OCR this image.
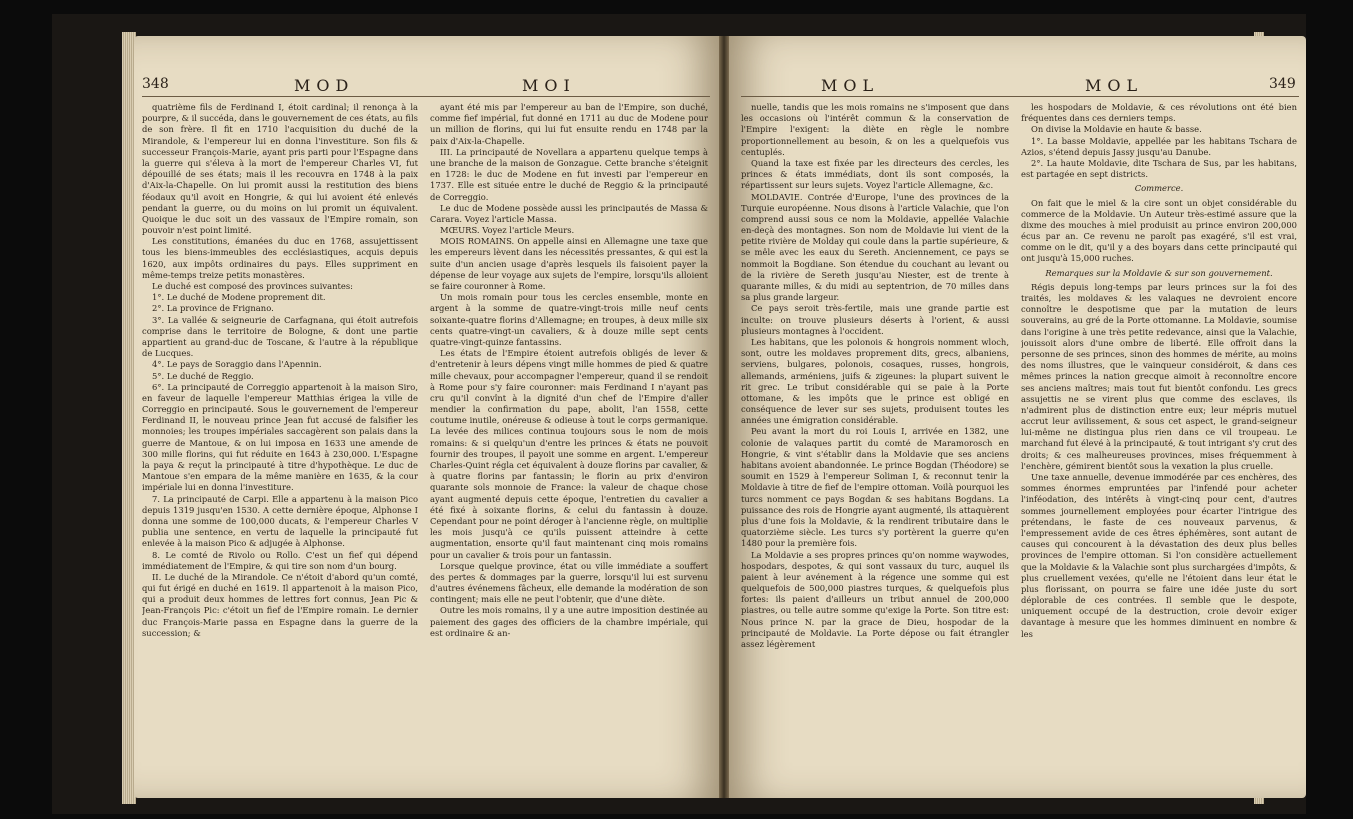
348	MOD	MOI

quatrième fils de Ferdinand I, étoit cardinal; il renonça à la pourpre, & il succéda, dans le gouvernement de ces états, au fils de son frère. Il fit en 1710 l'acquisition du duché de la Mirandole, & l'empereur lui en donna l'investiture. Son fils & successeur François-Marie, ayant pris parti pour l'Espagne dans la guerre qui s'éleva à la mort de l'empereur Charles VI, fut dépouillé de ses états; mais il les recouvra en 1748 à la paix d'Aix-la-Chapelle. On lui promit aussi la restitution des biens féodaux qu'il avoit en Hongrie, & qui lui avoient été enlevés pendant la guerre, ou du moins on lui promit un équivalent. Quoique le duc soit un des vassaux de l'Empire romain, son pouvoir n'est point limité.

Les constitutions, émanées du duc en 1768, assujettissent tous les biens-immeubles des ecclésiastiques, acquis depuis 1620, aux impôts ordinaires du pays. Elles suppriment en même-temps treize petits monastères.

Le duché est composé des provinces suivantes:

1°. Le duché de Modene proprement dit.

2°. La province de Frignano.

3°. La vallée & seigneurie de Carfagnana, qui étoit autrefois comprise dans le territoire de Bologne, & dont une partie appartient au grand-duc de Toscane, & l'autre à la république de Lucques.

4°. Le pays de Soraggio dans l'Apennin.

5°. Le duché de Reggio.

6°. La principauté de Correggio appartenoit à la maison Siro, en faveur de laquelle l'empereur Matthias érigea la ville de Correggio en principauté. Sous le gouvernement de l'empereur Ferdinand II, le nouveau prince Jean fut accusé de falsifier les monnoies; les troupes impériales saccagèrent son palais dans la guerre de Mantoue, & on lui imposa en 1633 une amende de 300 mille florins, qui fut réduite en 1643 à 230,000. L'Espagne la paya & reçut la principauté à titre d'hypothèque. Le duc de Mantoue s'en empara de la même manière en 1635, & la cour impériale lui en donna l'investiture.

7. La principauté de Carpi. Elle a appartenu à la maison Pico depuis 1319 jusqu'en 1530. A cette dernière époque, Alphonse I donna une somme de 100,000 ducats, & l'empereur Charles V publia une sentence, en vertu de laquelle la principauté fut enlevée à la maison Pico & adjugée à Alphonse.

8. Le comté de Rivolo ou Rollo. C'est un fief qui dépend immédiatement de l'Empire, & qui tire son nom d'un bourg.

II. Le duché de la Mirandole. Ce n'étoit d'abord qu'un comté, qui fut érigé en duché en 1619. Il appartenoit à la maison Pico, qui a produit deux hommes de lettres fort connus, Jean Pic & Jean-François Pic: c'étoit un fief de l'Empire romain. Le dernier duc François-Marie passa en Espagne dans la guerre de la succession; &

ayant été mis par l'empereur au ban de l'Empire, son duché, comme fief impérial, fut donné en 1711 au duc de Modene pour un million de florins, qui lui fut ensuite rendu en 1748 par la paix d'Aix-la-Chapelle.

III. La principauté de Novellara a appartenu quelque temps à une branche de la maison de Gonzague. Cette branche s'éteignit en 1728: le duc de Modene en fut investi par l'empereur en 1737. Elle est située entre le duché de Reggio & la principauté de Correggio.

Le duc de Modene possède aussi les principautés de Massa & Carara. Voyez l'article Massa.

MŒURS. Voyez l'article Meurs.

MOIS ROMAINS. On appelle ainsi en Allemagne une taxe que les empereurs lèvent dans les nécessités pressantes, & qui est la suite d'un ancien usage d'après lesquels ils faisoient payer la dépense de leur voyage aux sujets de l'empire, lorsqu'ils alloient se faire couronner à Rome.

Un mois romain pour tous les cercles ensemble, monte en argent à la somme de quatre-vingt-trois mille neuf cents soixante-quatre florins d'Allemagne; en troupes, à deux mille six cents quatre-vingt-un cavaliers, & à douze mille sept cents quatre-vingt-quinze fantassins.

Les états de l'Empire étoient autrefois obligés de lever & d'entretenir à leurs dépens vingt mille hommes de pied & quatre mille chevaux, pour accompagner l'empereur, quand il se rendoit à Rome pour s'y faire couronner: mais Ferdinand I n'ayant pas cru qu'il convînt à la dignité d'un chef de l'Empire d'aller mendier la confirmation du pape, abolit, l'an 1558, cette coutume inutile, onéreuse & odieuse à tout le corps germanique. La levée des milices continua toujours sous le nom de mois romains: & si quelqu'un d'entre les princes & états ne pouvoit fournir des troupes, il payoit une somme en argent. L'empereur Charles-Quint régla cet équivalent à douze florins par cavalier, & à quatre florins par fantassin; le florin au prix d'environ quarante sols monnoie de France: la valeur de chaque chose ayant augmenté depuis cette époque, l'entretien du cavalier a été fixé à soixante florins, & celui du fantassin à douze. Cependant pour ne point déroger à l'ancienne règle, on multiplie les mois jusqu'à ce qu'ils puissent atteindre à cette augmentation, ensorte qu'il faut maintenant cinq mois romains pour un cavalier & trois pour un fantassin.

Lorsque quelque province, état ou ville immédiate a souffert des pertes & dommages par la guerre, lorsqu'il lui est survenu d'autres événemens fâcheux, elle demande la modération de son contingent; mais elle ne peut l'obtenir, que d'une diète.

Outre les mois romains, il y a une autre imposition destinée au paiement des gages des officiers de la chambre impériale, qui est ordinaire & an-

MOL	MOL	349

nuelle, tandis que les mois romains ne s'imposent que dans les occasions où l'intérêt commun & la conservation de l'Empire l'exigent: la diète en règle le nombre proportionnellement au besoin, & on les a quelquefois vus centuplés.

Quand la taxe est fixée par les directeurs des cercles, les princes & états immédiats, dont ils sont composés, la répartissent sur leurs sujets. Voyez l'article Allemagne, &c.

MOLDAVIE. Contrée d'Europe, l'une des provinces de la Turquie européenne. Nous disons à l'article Valachie, que l'on comprend aussi sous ce nom la Moldavie, appellée Valachie en-deçà des montagnes. Son nom de Moldavie lui vient de la petite rivière de Molday qui coule dans la partie supérieure, & se mêle avec les eaux du Sereth. Anciennement, ce pays se nommoit la Bogdiane. Son étendue du couchant au levant ou de la rivière de Sereth jusqu'au Niester, est de trente à quarante milles, & du midi au septentrion, de 70 milles dans sa plus grande largeur.

Ce pays seroit très-fertile, mais une grande partie est inculte: on trouve plusieurs déserts à l'orient, & aussi plusieurs montagnes à l'occident.

Les habitans, que les polonois & hongrois nomment wloch, sont, outre les moldaves proprement dits, grecs, albaniens, serviens, bulgares, polonois, cosaques, russes, hongrois, allemands, arméniens, juifs & zigeunes: la plupart suivent le rit grec. Le tribut considérable qui se paie à la Porte ottomane, & les impôts que le prince est obligé en conséquence de lever sur ses sujets, produisent toutes les années une émigration considérable.

Peu avant la mort du roi Louis I, arrivée en 1382, une colonie de valaques partit du comté de Maramorosch en Hongrie, & vint s'établir dans la Moldavie que ses anciens habitans avoient abandonnée. Le prince Bogdan (Théodore) se soumit en 1529 à l'empereur Soliman I, & reconnut tenir la Moldavie à titre de fief de l'empire ottoman. Voilà pourquoi les turcs nomment ce pays Bogdan & ses habitans Bogdans. La puissance des rois de Hongrie ayant augmenté, ils attaquèrent plus d'une fois la Moldavie, & la rendirent tributaire dans le quatorzième siècle. Les turcs s'y portèrent la guerre qu'en 1480 pour la première fois.

La Moldavie a ses propres princes qu'on nomme waywodes, hospodars, despotes, & qui sont vassaux du turc, auquel ils paient à leur avénement à la régence une somme qui est quelquefois de 500,000 piastres turques, & quelquefois plus fortes: ils paient d'ailleurs un tribut annuel de 200,000 piastres, ou telle autre somme qu'exige la Porte. Son titre est: Nous prince N. par la grace de Dieu, hospodar de la principauté de Moldavie. La Porte dépose ou fait étrangler assez légèrement

les hospodars de Moldavie, & ces révolutions ont été bien fréquentes dans ces derniers temps.

On divise la Moldavie en haute & basse.

1°. La basse Moldavie, appellée par les habitans Tschara de Azios, s'étend depuis Jassy jusqu'au Danube.

2°. La haute Moldavie, dite Tschara de Sus, par les habitans, est partagée en sept districts.

Commerce.

On fait que le miel & la cire sont un objet considérable du commerce de la Moldavie. Un Auteur très-estimé assure que la dixme des mouches à miel produisit au prince environ 200,000 écus par an. Ce revenu ne paroît pas exagéré, s'il est vrai, comme on le dit, qu'il y a des boyars dans cette principauté qui ont jusqu'à 15,000 ruches.

Remarques sur la Moldavie & sur son gouvernement.

Régis depuis long-temps par leurs princes sur la foi des traités, les moldaves & les valaques ne devroient encore connoître le despotisme que par la mutation de leurs souverains, au gré de la Porte ottomanne. La Moldavie, soumise dans l'origine à une très petite redevance, ainsi que la Valachie, jouissoit alors d'une ombre de liberté. Elle offroit dans la personne de ses princes, sinon des hommes de mérite, au moins des noms illustres, que le vainqueur considéroit, & dans ces mêmes princes la nation grecque aimoit à reconnoître encore ses anciens maîtres; mais tout fut bientôt confondu. Les grecs assujettis ne se virent plus que comme des esclaves, ils n'admirent plus de distinction entre eux; leur mépris mutuel accrut leur avilissement, & sous cet aspect, le grand-seigneur lui-même ne distingua plus rien dans ce vil troupeau. Le marchand fut élevé à la principauté, & tout intrigant s'y crut des droits; & ces malheureuses provinces, mises fréquemment à l'enchère, gémirent bientôt sous la vexation la plus cruelle.

Une taxe annuelle, devenue immodérée par ces enchères, des sommes énormes empruntées par l'infendé pour acheter l'inféodation, des intérêts à vingt-cinq pour cent, d'autres sommes journellement employées pour écarter l'intrigue des prétendans, le faste de ces nouveaux parvenus, & l'empressement avide de ces êtres éphémères, sont autant de causes qui concourent à la dévastation des deux plus belles provinces de l'empire ottoman. Si l'on considère actuellement que la Moldavie & la Valachie sont plus surchargées d'impôts, & plus cruellement vexées, qu'elle ne l'étoient dans leur état le plus florissant, on pourra se faire une idée juste du sort déplorable de ces contrées. Il semble que le despote, uniquement occupé de la destruction, croie devoir exiger davantage à mesure que les hommes diminuent en nombre & les
